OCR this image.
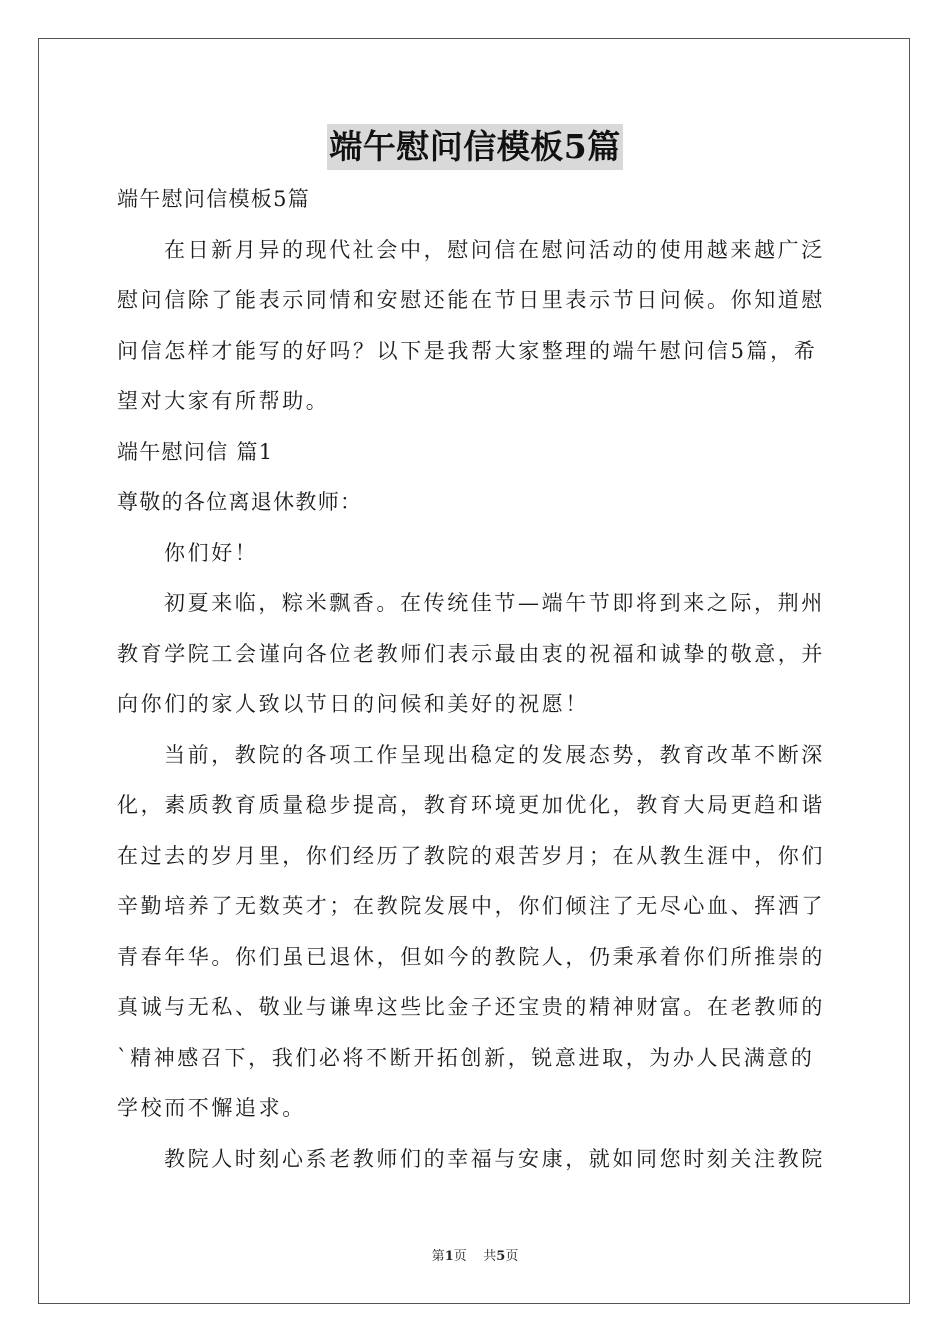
端午慰问信模板5篇
端午慰问信模板5篇
在日新月异的现代社会中，慰问信在慰问活动的使用越来越广泛
慰问信除了能表示同情和安慰还能在节日里表示节日问候。你知道慰
问信怎样才能写的好吗？以下是我帮大家整理的端午慰问信5篇，希
望对大家有所帮助。
端午慰问信 篇1
尊敬的各位离退休教师：
你们好！
初夏来临，粽米飘香。在传统佳节—端午节即将到来之际，荆州
教育学院工会谨向各位老教师们表示最由衷的祝福和诚挚的敬意，并
向你们的家人致以节日的问候和美好的祝愿！
当前，教院的各项工作呈现出稳定的发展态势，教育改革不断深
化，素质教育质量稳步提高，教育环境更加优化，教育大局更趋和谐
在过去的岁月里，你们经历了教院的艰苦岁月；在从教生涯中，你们
辛勤培养了无数英才；在教院发展中，你们倾注了无尽心血、挥洒了
青春年华。你们虽已退休，但如今的教院人，仍秉承着你们所推崇的
真诚与无私、敬业与谦卑这些比金子还宝贵的精神财富。在老教师的
`精神感召下，我们必将不断开拓创新，锐意进取，为办人民满意的
学校而不懈追求。
教院人时刻心系老教师们的幸福与安康，就如同您时刻关注教院
第1页    共5页
